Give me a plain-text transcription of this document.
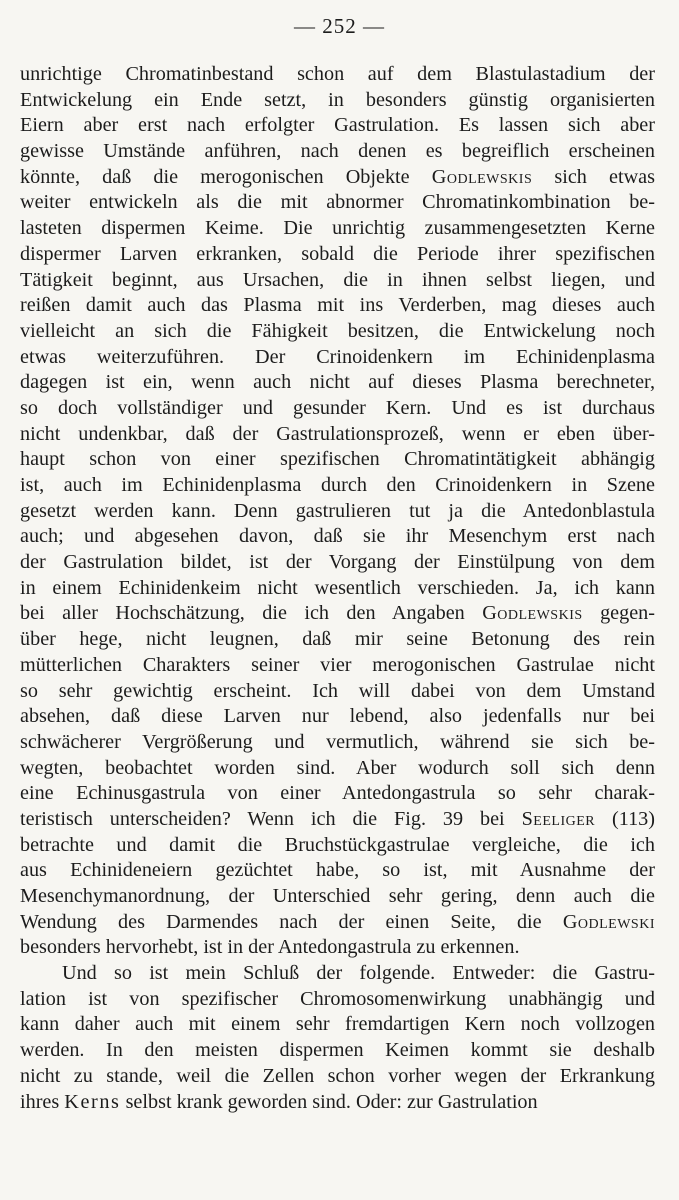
— 252 —
unrichtige Chromatinbestand schon auf dem Blastulastadium der
Entwickelung ein Ende setzt, in besonders günstig organisierten
Eiern aber erst nach erfolgter Gastrulation. Es lassen sich aber
gewisse Umstände anführen, nach denen es begreiflich erscheinen
könnte, daß die merogonischen Objekte Godlewskis sich etwas
weiter entwickeln als die mit abnormer Chromatinkombination be-
lasteten dispermen Keime. Die unrichtig zusammengesetzten Kerne
dispermer Larven erkranken, sobald die Periode ihrer spezifischen
Tätigkeit beginnt, aus Ursachen, die in ihnen selbst liegen, und
reißen damit auch das Plasma mit ins Verderben, mag dieses auch
vielleicht an sich die Fähigkeit besitzen, die Entwickelung noch
etwas weiterzuführen. Der Crinoidenkern im Echinidenplasma
dagegen ist ein, wenn auch nicht auf dieses Plasma berechneter,
so doch vollständiger und gesunder Kern. Und es ist durchaus
nicht undenkbar, daß der Gastrulationsprozeß, wenn er eben über-
haupt schon von einer spezifischen Chromatintätigkeit abhängig
ist, auch im Echinidenplasma durch den Crinoidenkern in Szene
gesetzt werden kann. Denn gastrulieren tut ja die Antedonblastula
auch; und abgesehen davon, daß sie ihr Mesenchym erst nach
der Gastrulation bildet, ist der Vorgang der Einstülpung von dem
in einem Echinidenkeim nicht wesentlich verschieden. Ja, ich kann
bei aller Hochschätzung, die ich den Angaben Godlewskis gegen-
über hege, nicht leugnen, daß mir seine Betonung des rein
mütterlichen Charakters seiner vier merogonischen Gastrulae nicht
so sehr gewichtig erscheint. Ich will dabei von dem Umstand
absehen, daß diese Larven nur lebend, also jedenfalls nur bei
schwächerer Vergrößerung und vermutlich, während sie sich be-
wegten, beobachtet worden sind. Aber wodurch soll sich denn
eine Echinusgastrula von einer Antedongastrula so sehr charak-
teristisch unterscheiden? Wenn ich die Fig. 39 bei Seeliger (113)
betrachte und damit die Bruchstückgastrulae vergleiche, die ich
aus Echinideneiern gezüchtet habe, so ist, mit Ausnahme der
Mesenchymanordnung, der Unterschied sehr gering, denn auch die
Wendung des Darmendes nach der einen Seite, die Godlewski
besonders hervorhebt, ist in der Antedongastrula zu erkennen.
Und so ist mein Schluß der folgende. Entweder: die Gastru-
lation ist von spezifischer Chromosomenwirkung unabhängig und
kann daher auch mit einem sehr fremdartigen Kern noch vollzogen
werden. In den meisten dispermen Keimen kommt sie deshalb
nicht zu stande, weil die Zellen schon vorher wegen der Erkrankung
ihres Kerns selbst krank geworden sind. Oder: zur Gastrulation
